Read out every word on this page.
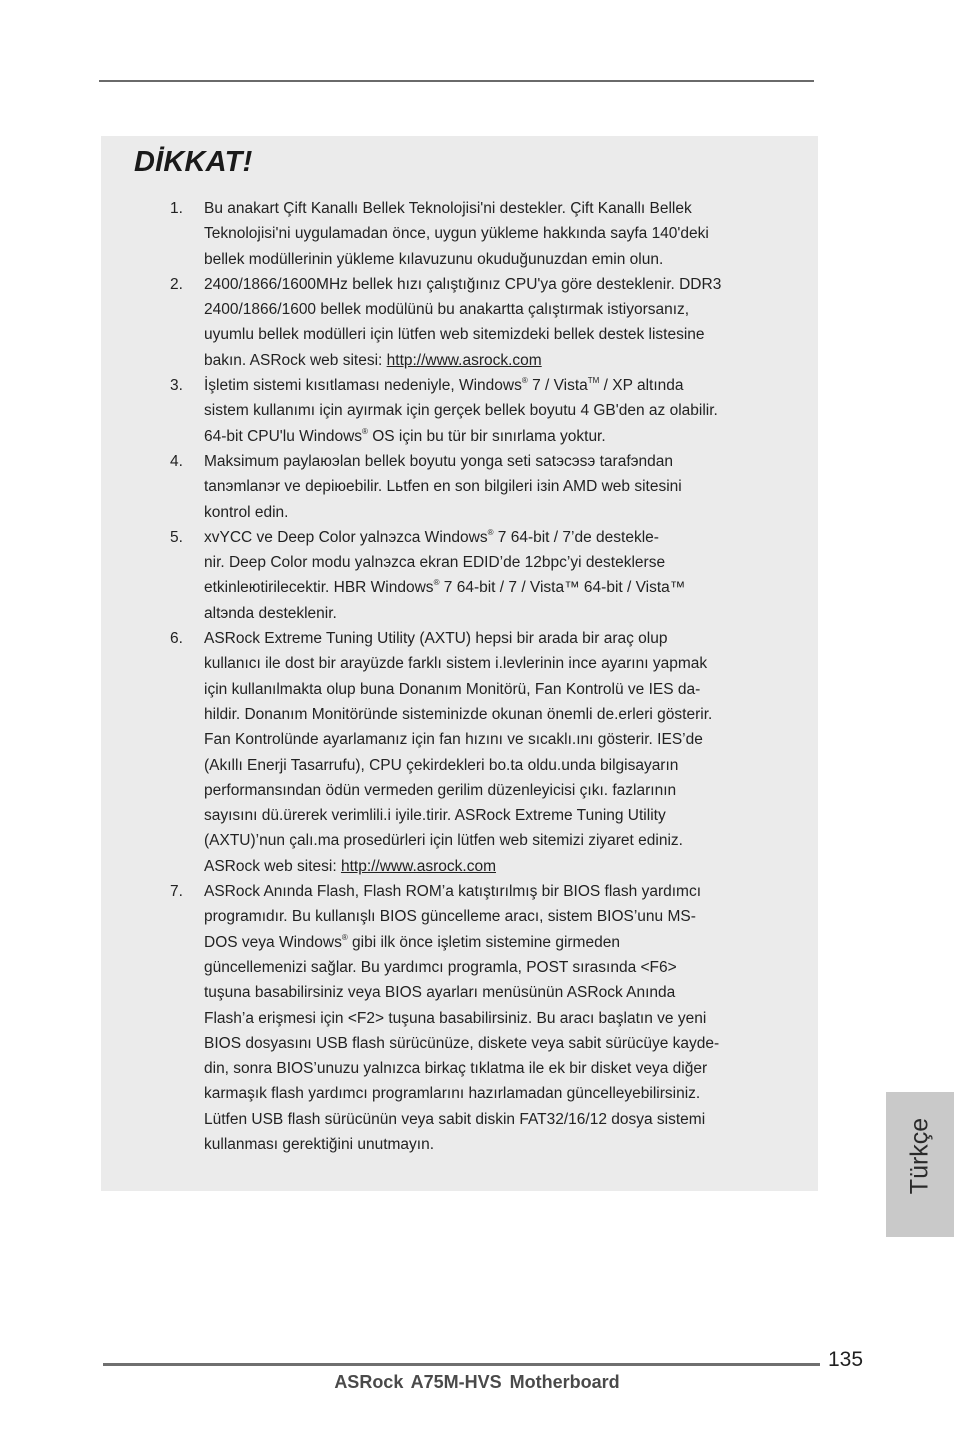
DİKKAT!
1. Bu anakart Çift Kanallı Bellek Teknolojisi'ni destekler. Çift Kanallı Bellek
Teknolojisi'ni uygulamadan önce, uygun yükleme hakkında sayfa 140'deki
bellek modüllerinin yükleme kılavuzunu okuduğunuzdan emin olun.
2. 2400/1866/1600MHz bellek hızı çalıştığınız CPU'ya göre desteklenir. DDR3
2400/1866/1600 bellek modülünü bu anakartta çalıştırmak istiyorsanız,
uyumlu bellek modülleri için lütfen web sitemizdeki bellek destek listesine
bakın. ASRock web sitesi: http://www.asrock.com
3. İşletim sistemi kısıtlaması nedeniyle, Windows® 7 / Vista™ / XP altında
sistem kullanımı için ayırmak için gerçek bellek boyutu 4 GB'den az olabilir.
64-bit CPU'lu Windows® OS için bu tür bir sınırlama yoktur.
4. Maksimum paylaюэlan bellek boyutu yonga seti satэcэsэ tarafэndan
tanэmlanэr ve depiюebilir. Lьtfen en son bilgileri iзin AMD web sitesini
kontrol edin.
5. xvYCC ve Deep Color yalnэzca Windows® 7 64-bit / 7’de destekle-
nir. Deep Color modu yalnэzca ekran EDID’de 12bpc’yi desteklerse
etkinleюtirilecektir. HBR Windows® 7 64-bit / 7 / Vista™ 64-bit / Vista™
altэnda desteklenir.
6. ASRock Extreme Tuning Utility (AXTU) hepsi bir arada bir araç olup
kullanıcı ile dost bir arayüzde farklı sistem i.levlerinin ince ayarını yapmak
için kullanılmakta olup buna Donanım Monitörü, Fan Kontrolü ve IES da-
hildir. Donanım Monitöründe sisteminizde okunan önemli de.erleri gösterir.
Fan Kontrolünde ayarlamanız için fan hızını ve sıcaklı.ını gösterir. IES’de
(Akıllı Enerji Tasarrufu), CPU çekirdekleri bo.ta oldu.unda bilgisayarın
performansından ödün vermeden gerilim düzenleyicisi çıkı. fazlarının
sayısını dü.ürerek verimlili.i iyile.tirir. ASRock Extreme Tuning Utility
(AXTU)’nun çalı.ma prosedürleri için lütfen web sitemizi ziyaret ediniz.
ASRock web sitesi: http://www.asrock.com
7. ASRock Anında Flash, Flash ROM’a katıştırılmış bir BIOS flash yardımcı
programıdır. Bu kullanışlı BIOS güncelleme aracı, sistem BIOS’unu MS-
DOS veya Windows® gibi ilk önce işletim sistemine girmeden
güncellemenizi sağlar. Bu yardımcı programla, POST sırasında <F6>
tuşuna basabilirsiniz veya BIOS ayarları menüsünün ASRock Anında
Flash’a erişmesi için <F2> tuşuna basabilirsiniz. Bu aracı başlatın ve yeni
BIOS dosyasını USB flash sürücünüze, diskete veya sabit sürücüye kayde-
din, sonra BIOS’unuzu yalnızca birkaç tıklatma ile ek bir disket veya diğer
karmaşık flash yardımcı programlarını hazırlamadan güncelleyebilirsiniz.
Lütfen USB flash sürücünün veya sabit diskin FAT32/16/12 dosya sistemi
kullanması gerektiğini unutmayın.	Türkçe
135
ASRock A75M-HVS Motherboard
